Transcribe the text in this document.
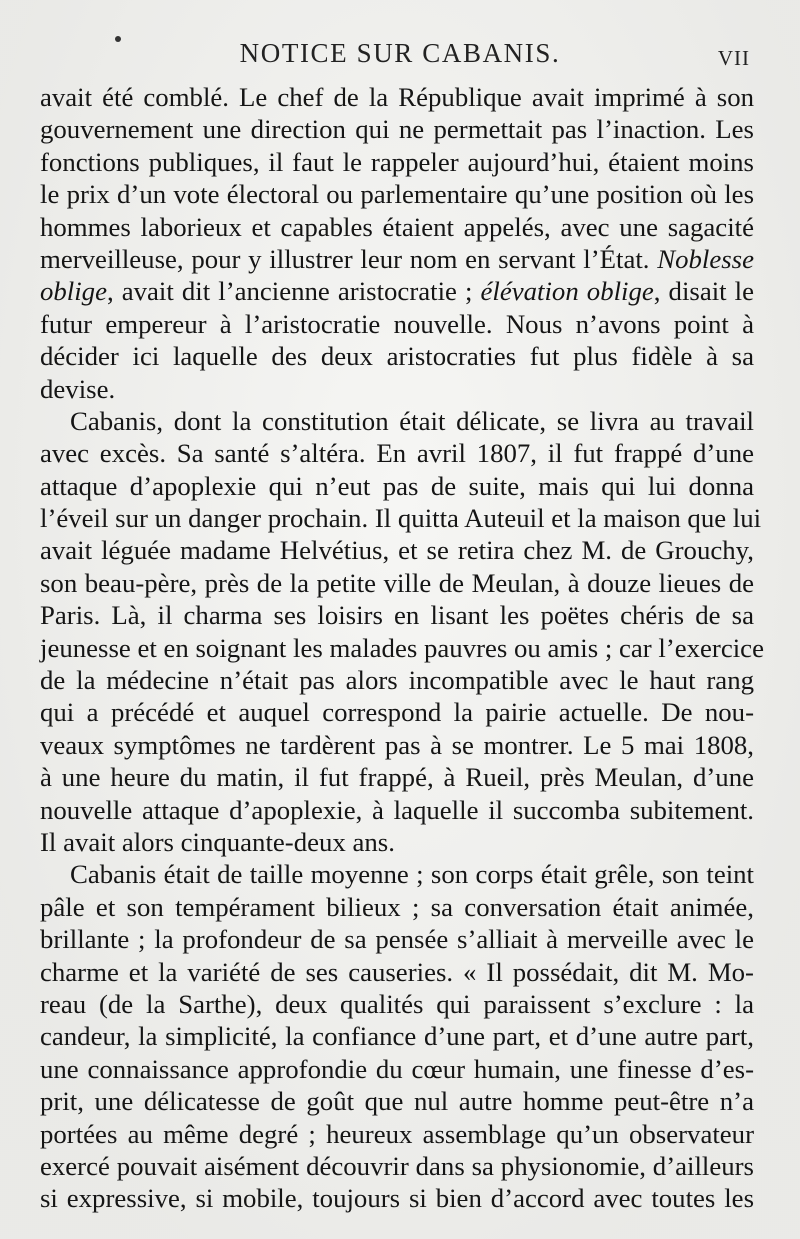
NOTICE SUR CABANIS.	VII
avait été comblé. Le chef de la République avait imprimé à son
gouvernement une direction qui ne permettait pas l’inaction. Les
fonctions publiques, il faut le rappeler aujourd’hui, étaient moins
le prix d’un vote électoral ou parlementaire qu’une position où les
hommes laborieux et capables étaient appelés, avec une sagacité
merveilleuse, pour y illustrer leur nom en servant l’État. Noblesse
oblige, avait dit l’ancienne aristocratie ; élévation oblige, disait le
futur empereur à l’aristocratie nouvelle. Nous n’avons point à
décider ici laquelle des deux aristocraties fut plus fidèle à sa
devise.
Cabanis, dont la constitution était délicate, se livra au travail
avec excès. Sa santé s’altéra. En avril 1807, il fut frappé d’une
attaque d’apoplexie qui n’eut pas de suite, mais qui lui donna
l’éveil sur un danger prochain. Il quitta Auteuil et la maison que lui
avait léguée madame Helvétius, et se retira chez M. de Grouchy,
son beau-père, près de la petite ville de Meulan, à douze lieues de
Paris. Là, il charma ses loisirs en lisant les poëtes chéris de sa
jeunesse et en soignant les malades pauvres ou amis ; car l’exercice
de la médecine n’était pas alors incompatible avec le haut rang
qui a précédé et auquel correspond la pairie actuelle. De nou-
veaux symptômes ne tardèrent pas à se montrer. Le 5 mai 1808,
à une heure du matin, il fut frappé, à Rueil, près Meulan, d’une
nouvelle attaque d’apoplexie, à laquelle il succomba subitement.
Il avait alors cinquante-deux ans.
Cabanis était de taille moyenne ; son corps était grêle, son teint
pâle et son tempérament bilieux ; sa conversation était animée,
brillante ; la profondeur de sa pensée s’alliait à merveille avec le
charme et la variété de ses causeries. « Il possédait, dit M. Mo-
reau (de la Sarthe), deux qualités qui paraissent s’exclure : la
candeur, la simplicité, la confiance d’une part, et d’une autre part,
une connaissance approfondie du cœur humain, une finesse d’es-
prit, une délicatesse de goût que nul autre homme peut-être n’a
portées au même degré ; heureux assemblage qu’un observateur
exercé pouvait aisément découvrir dans sa physionomie, d’ailleurs
si expressive, si mobile, toujours si bien d’accord avec toutes les
